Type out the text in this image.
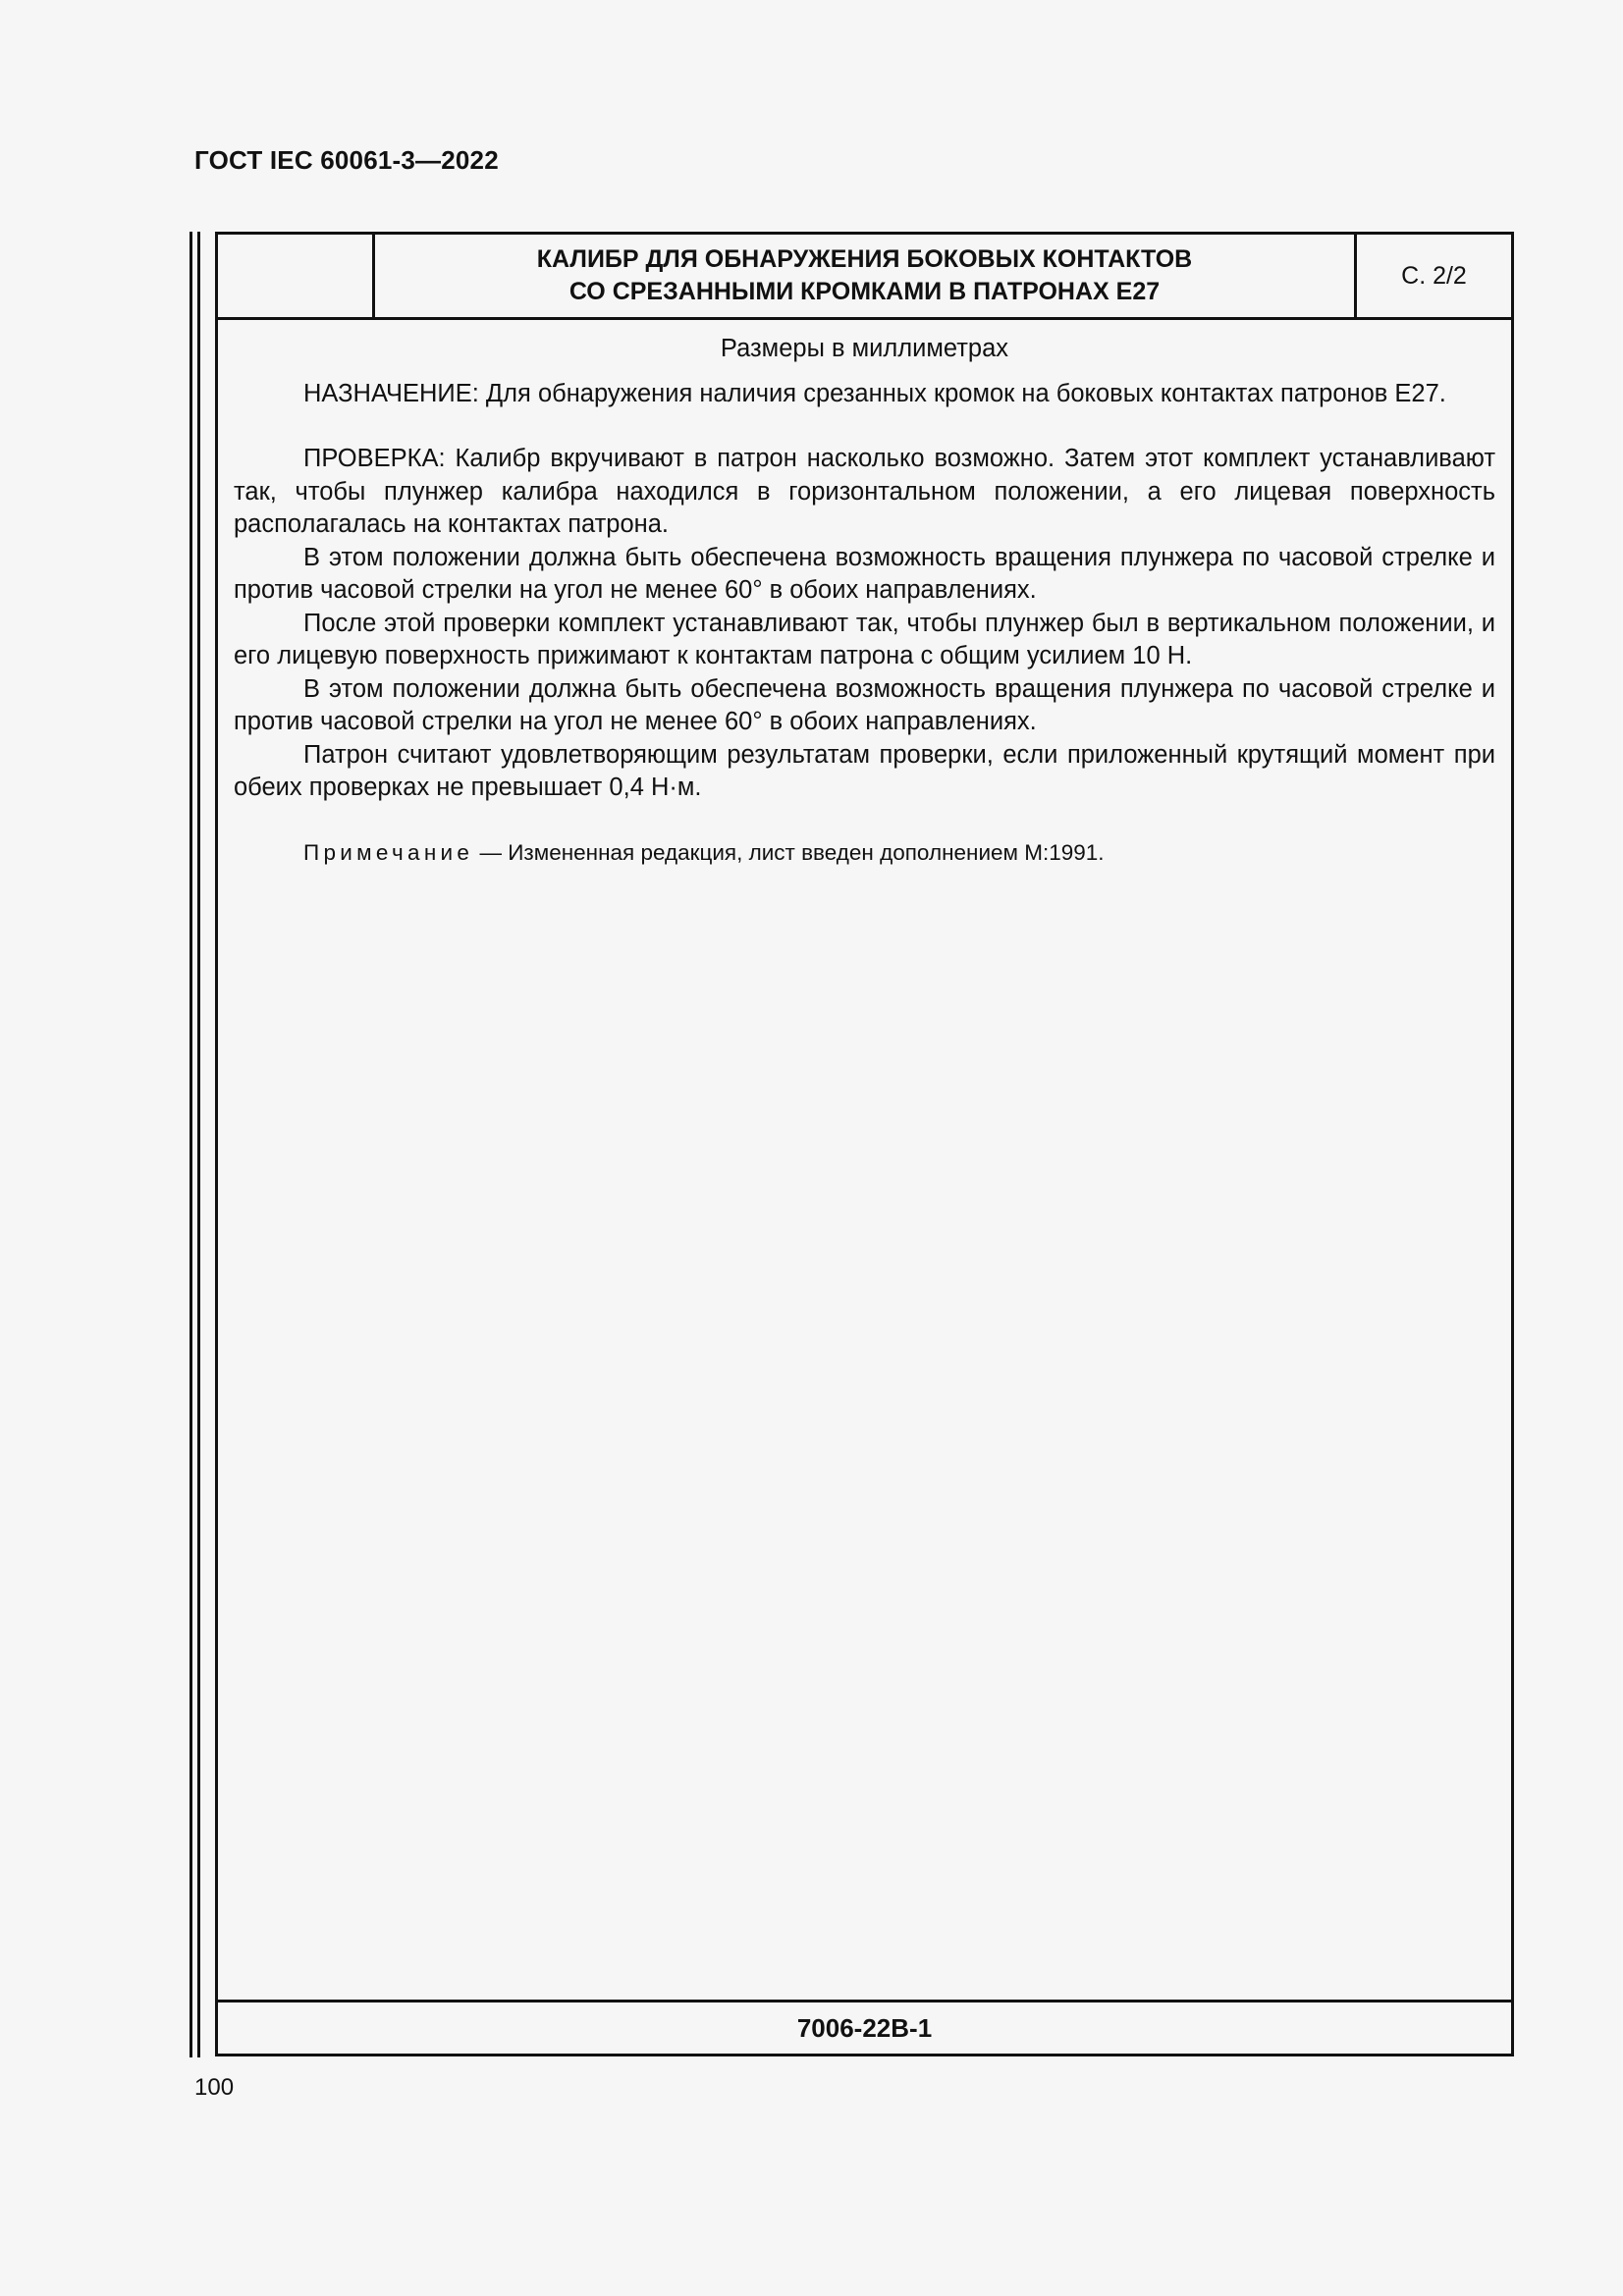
ГОСТ IEC 60061-3—2022
КАЛИБР ДЛЯ ОБНАРУЖЕНИЯ БОКОВЫХ КОНТАКТОВ
СО СРЕЗАННЫМИ КРОМКАМИ В ПАТРОНАХ Е27
С. 2/2

Размеры в миллиметрах

НАЗНАЧЕНИЕ: Для обнаружения наличия срезанных кромок на боковых контактах патронов Е27.

ПРОВЕРКА: Калибр вкручивают в патрон насколько возможно. Затем этот комплект устанавливают так, чтобы плунжер калибра находился в горизонтальном положении, а его лицевая поверхность располагалась на контактах патрона.

В этом положении должна быть обеспечена возможность вращения плунжера по часовой стрелке и против часовой стрелки на угол не менее 60° в обоих направлениях.

После этой проверки комплект устанавливают так, чтобы плунжер был в вертикальном положении, и его лицевую поверхность прижимают к контактам патрона с общим усилием 10 Н.

В этом положении должна быть обеспечена возможность вращения плунжера по часовой стрелке и против часовой стрелки на угол не менее 60° в обоих направлениях.

Патрон считают удовлетворяющим результатам проверки, если приложенный крутящий момент при обеих проверках не превышает 0,4 Н·м.

Примечание — Измененная редакция, лист введен дополнением М:1991.
7006-22В-1
100
